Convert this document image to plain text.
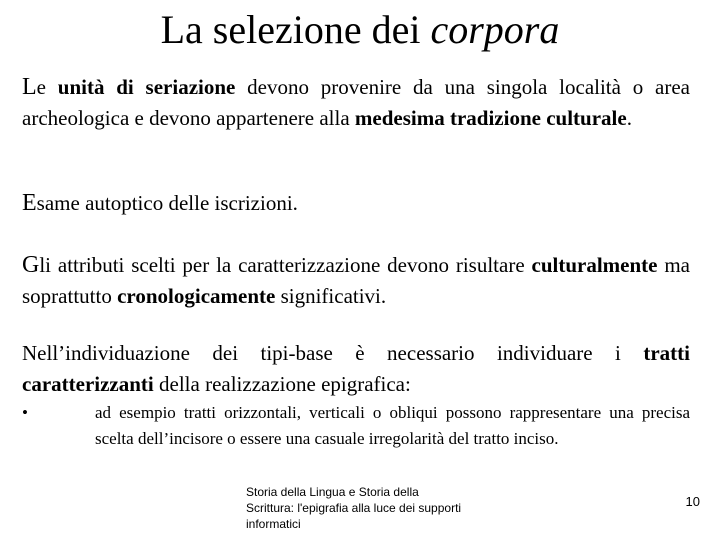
La selezione dei corpora
Le unità di seriazione devono provenire da una singola località o area archeologica e devono appartenere alla medesima tradizione culturale.
Esame autoptico delle iscrizioni.
Gli attributi scelti per la caratterizzazione devono risultare culturalmente ma soprattutto cronologicamente significativi.
Nell’individuazione dei tipi-base è necessario individuare i tratti caratterizzanti della realizzazione epigrafica:
•	ad esempio tratti orizzontali, verticali o obliqui possono rappresentare una precisa scelta dell’incisore o essere una casuale irregolarità del tratto inciso.
Storia della Lingua e Storia della Scrittura: l'epigrafia alla luce dei supporti informatici
10
